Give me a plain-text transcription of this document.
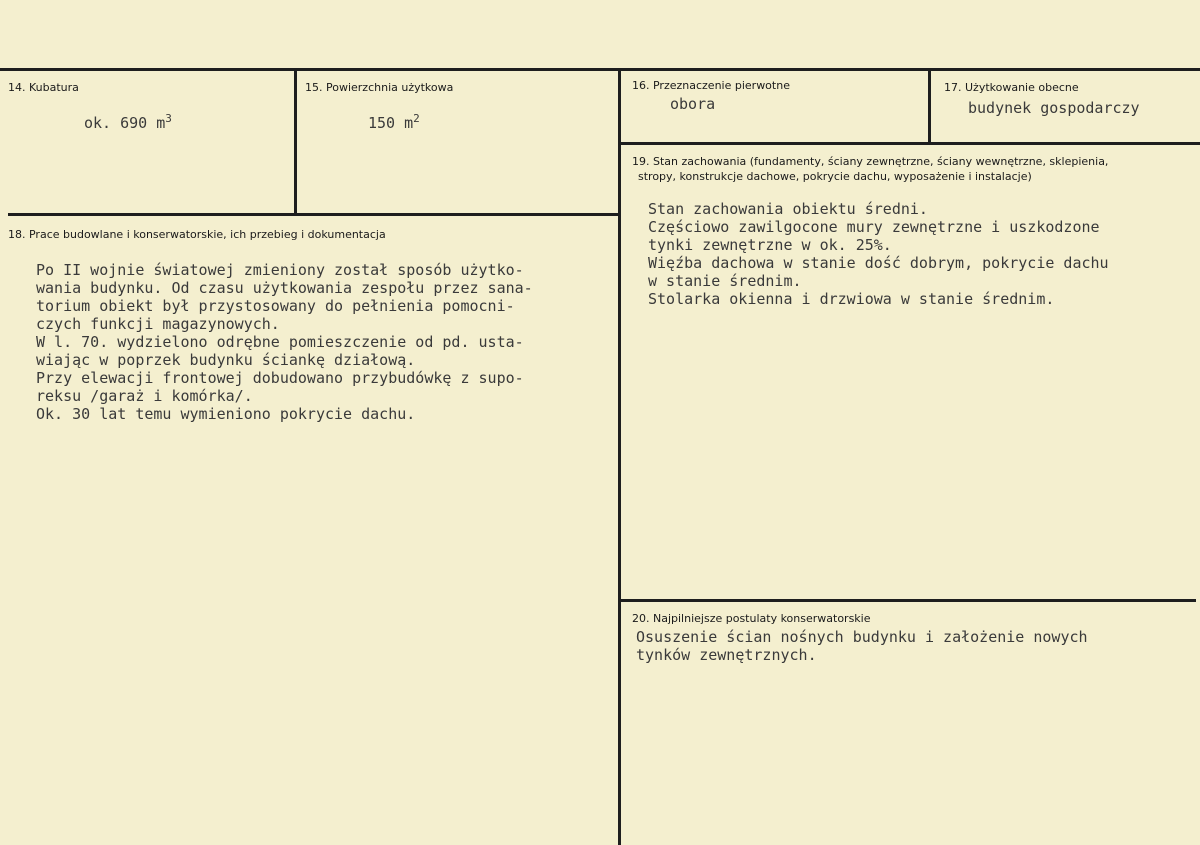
14. Kubatura
ok. 690 $m^3$
15. Powierzchnia użytkowa
150 $m^2$
16. Przeznaczenie pierwotne
obora
17. Użytkowanie obecne
budynek gospodarczy
18. Prace budowlane i konserwatorskie, ich przebieg i dokumentacja
Po II wojnie światowej zmieniony został sposób użytko-
wania budynku. Od czasu użytkowania zespołu przez sana-
torium obiekt był przystosowany do pełnienia pomocni-
czych funkcji magazynowych.
W l. 70. wydzielono odrębne pomieszczenie od pd. usta-
wiając w poprzek budynku ściankę działową.
Przy elewacji frontowej dobudowano przybudówkę z supo-
reksu /garaż i komórka/.
Ok. 30 lat temu wymieniono pokrycie dachu.
19. Stan zachowania (fundamenty, ściany zewnętrzne, ściany wewnętrzne, sklepienia,
stropy, konstrukcje dachowe, pokrycie dachu, wyposażenie i instalacje)
Stan zachowania obiektu średni.
Częściowo zawilgocone mury zewnętrzne i uszkodzone
tynki zewnętrzne w ok. 25%.
Więźba dachowa w stanie dość dobrym, pokrycie dachu
w stanie średnim.
Stolarka okienna i drzwiowa w stanie średnim.
20. Najpilniejsze postulaty konserwatorskie
Osuszenie ścian nośnych budynku i założenie nowych
tynków zewnętrznych.
